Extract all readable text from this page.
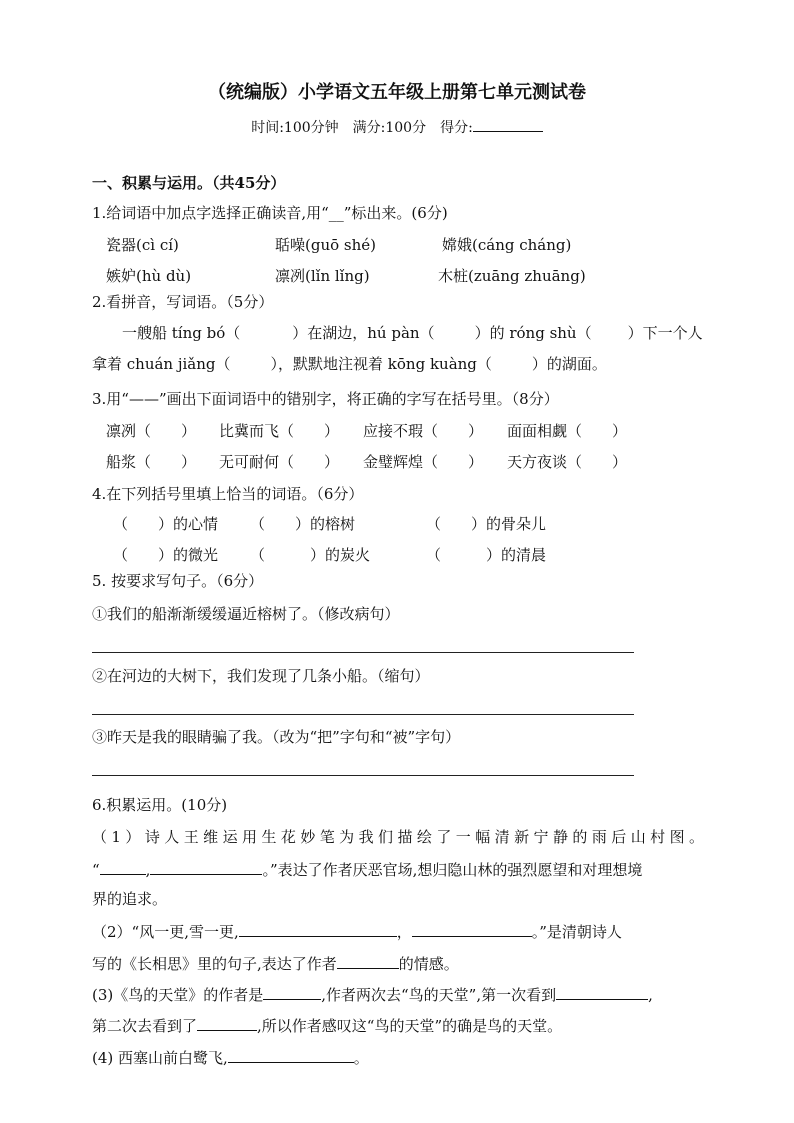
（统编版）小学语文五年级上册第七单元测试卷
时间:100分钟　满分:100分　得分:
一、积累与运用。（共45分）
1.给词语中加点字选择正确读音,用“__”标出来。(6分)
瓷器(cì cí)	聒噪(guō shé)	嫦娥(cáng cháng)
嫉妒(hù dù)	凛冽(lǐn lǐng)	木桩(zuāng zhuāng)
2.看拼音，写词语。（5分）
一艘船 tíng bó（	）在湖边，hú pàn（	）的 róng shù（ ）下一个人
拿着 chuán jiǎng（	），默默地注视着 kōng kuàng（	）的湖面。
3.用“——”画出下面词语中的错别字，将正确的字写在括号里。（8分）
凛冽（　　） 比冀而飞（　　） 应接不瑕（　　） 面面相觑（　　）
船浆（　　） 无可耐何（　　） 金璧辉煌（　　） 天方夜谈（　　）
4.在下列括号里填上恰当的词语。（6分）
（　　）的心情 （　　）的榕树	（　　）的骨朵儿
（　　）的微光 （　　　）的炭火	（　　　）的清晨
5. 按要求写句子。（6分）
①我们的船渐渐缓缓逼近榕树了。（修改病句）
②在河边的大树下，我们发现了几条小船。（缩句）
③昨天是我的眼睛骗了我。（改为“把”字句和“被”字句）
6.积累运用。(10分)
（1）诗人王维运用生花妙笔为我们描绘了一幅清新宁静的雨后山村图。
“	,	。”表达了作者厌恶官场,想归隐山林的强烈愿望和对理想境
界的追求。
（2）“风一更,雪一更,	，	。”是清朝诗人
写的《长相思》里的句子,表达了作者	的情感。
(3)《鸟的天堂》的作者是	,作者两次去“鸟的天堂”,第一次看到	,
第二次去看到了	,所以作者感叹这“鸟的天堂”的确是鸟的天堂。
(4) 西塞山前白鹭飞,	。
